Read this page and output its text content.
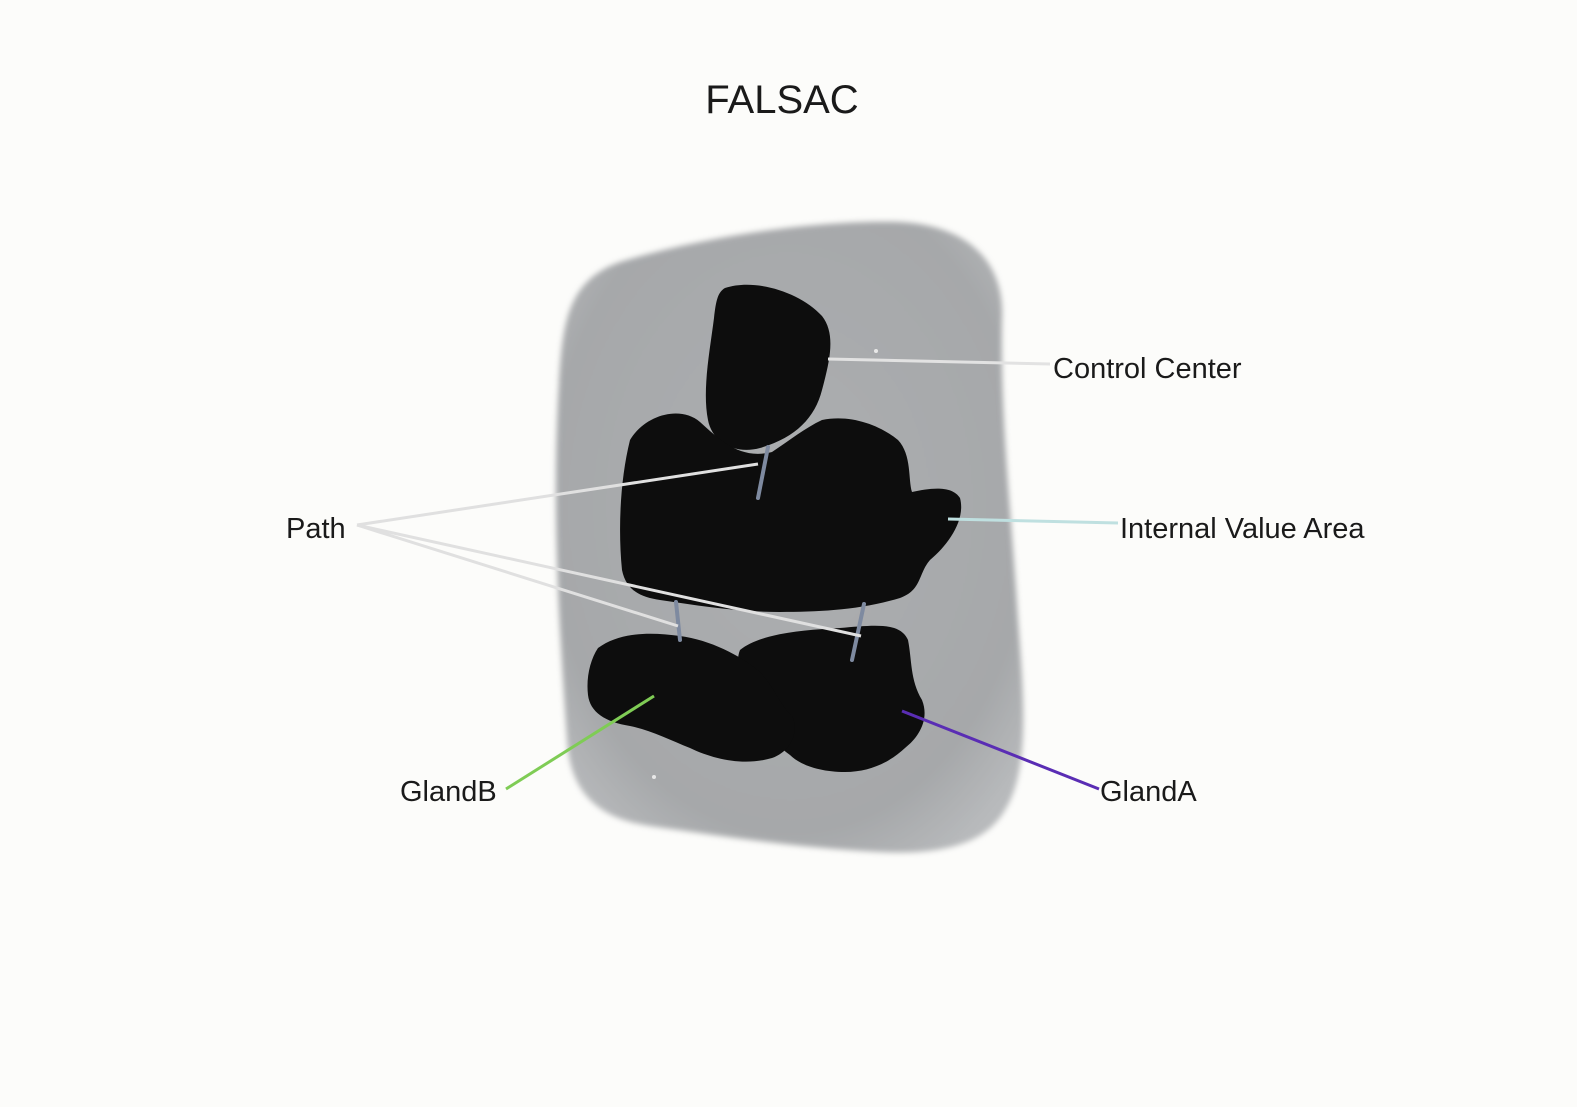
FALSAC
Control Center
Internal Value Area
Path
GlandB	GlandA
